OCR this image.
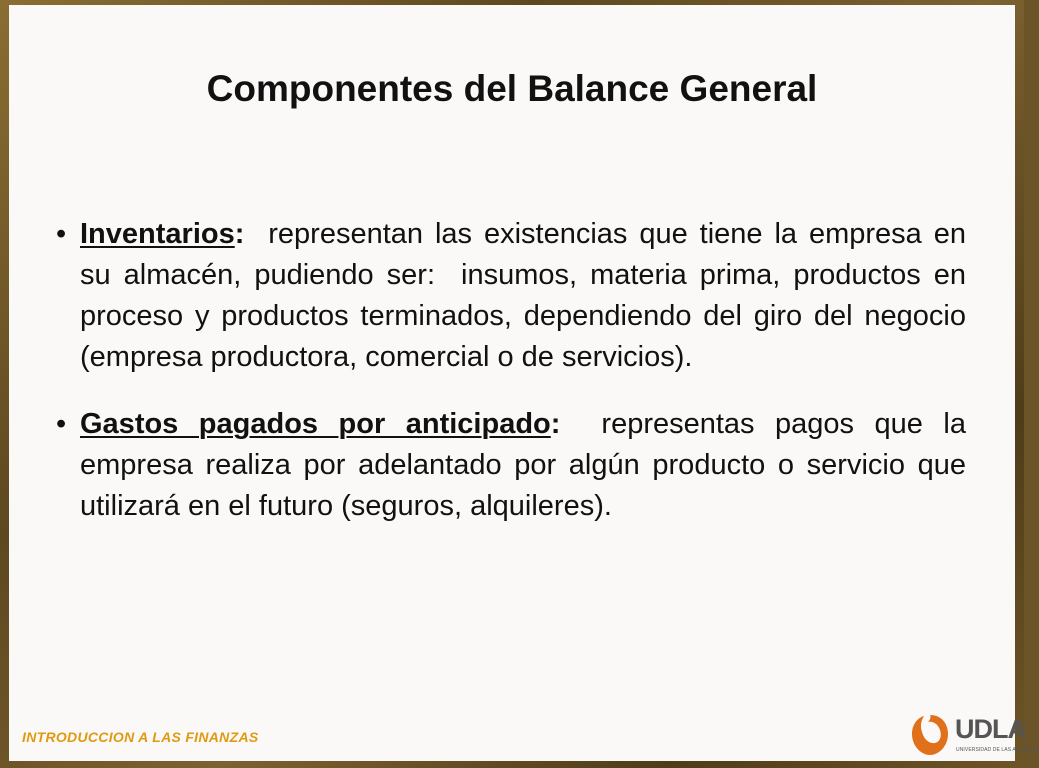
Componentes del Balance General
• Inventarios:  representan las existencias que tiene la empresa en su almacén, pudiendo ser:  insumos, materia prima, productos en proceso y productos terminados, dependiendo del giro del negocio (empresa productora, comercial o de servicios).
• Gastos pagados por anticipado:  representas pagos que la empresa realiza por adelantado por algún producto o servicio que utilizará en el futuro (seguros, alquileres).
INTRODUCCION A LAS FINANZAS	UDLA
UNIVERSIDAD DE LAS AMÉRICAS
